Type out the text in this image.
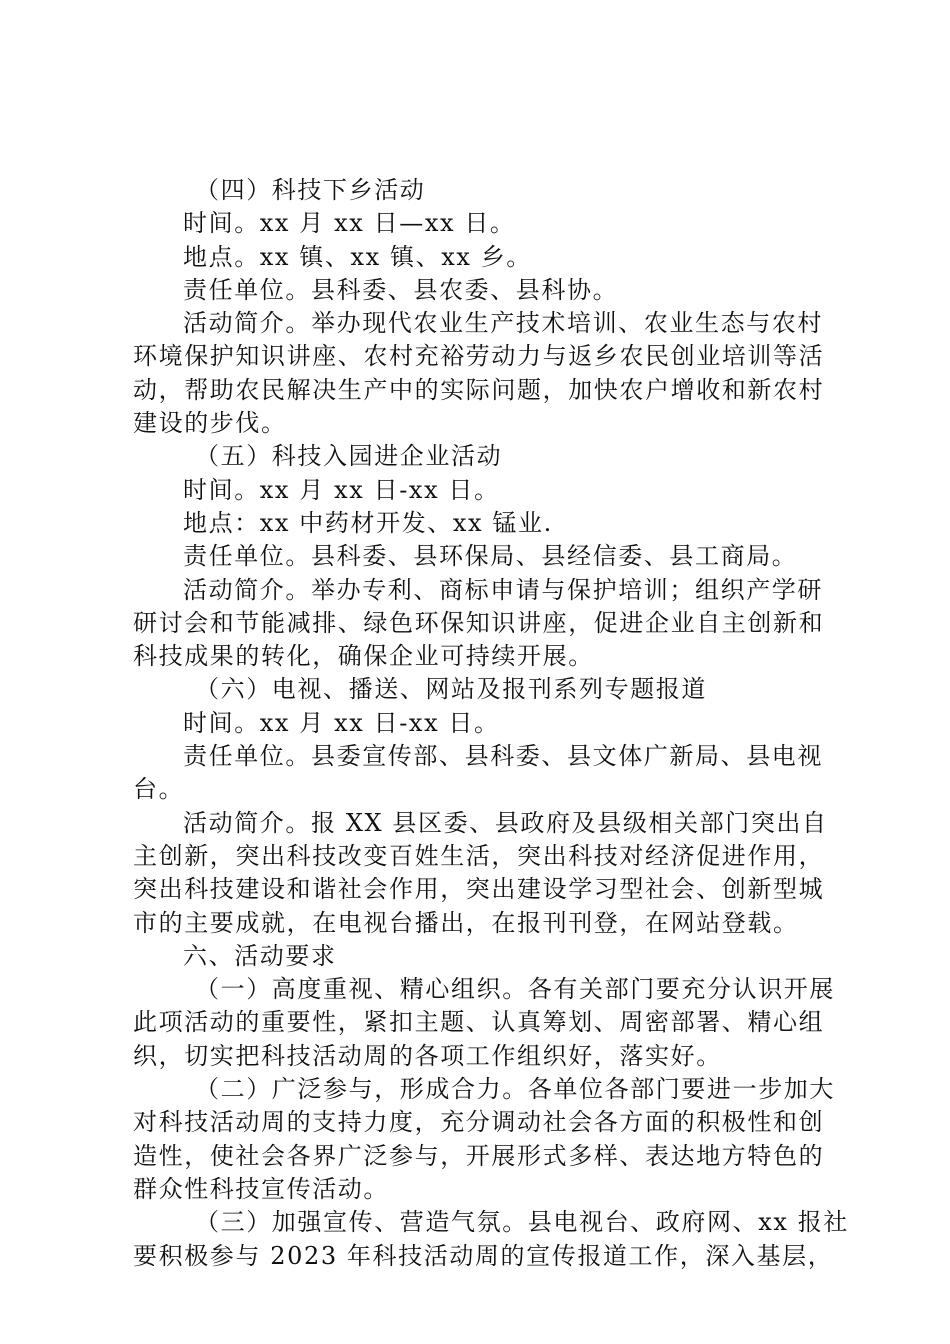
（四）科技下乡活动
时间。xx 月 xx 日—xx 日。
地点。xx 镇、xx 镇、xx 乡。
责任单位。县科委、县农委、县科协。
活动简介。举办现代农业生产技术培训、农业生态与农村
环境保护知识讲座、农村充裕劳动力与返乡农民创业培训等活
动，帮助农民解决生产中的实际问题，加快农户增收和新农村
建设的步伐。
（五）科技入园进企业活动
时间。xx 月 xx 日-xx 日。
地点：xx 中药材开发、xx 锰业.
责任单位。县科委、县环保局、县经信委、县工商局。
活动简介。举办专利、商标申请与保护培训；组织产学研
研讨会和节能减排、绿色环保知识讲座，促进企业自主创新和
科技成果的转化，确保企业可持续开展。
（六）电视、播送、网站及报刊系列专题报道
时间。xx 月 xx 日-xx 日。
责任单位。县委宣传部、县科委、县文体广新局、县电视
台。
活动简介。报 XX 县区委、县政府及县级相关部门突出自
主创新，突出科技改变百姓生活，突出科技对经济促进作用，
突出科技建设和谐社会作用，突出建设学习型社会、创新型城
市的主要成就，在电视台播出，在报刊刊登，在网站登载。
六、活动要求
（一）高度重视、精心组织。各有关部门要充分认识开展
此项活动的重要性，紧扣主题、认真筹划、周密部署、精心组
织，切实把科技活动周的各项工作组织好，落实好。
（二）广泛参与，形成合力。各单位各部门要进一步加大
对科技活动周的支持力度，充分调动社会各方面的积极性和创
造性，使社会各界广泛参与，开展形式多样、表达地方特色的
群众性科技宣传活动。
（三）加强宣传、营造气氛。县电视台、政府网、xx 报社
要积极参与 2023 年科技活动周的宣传报道工作，深入基层，
